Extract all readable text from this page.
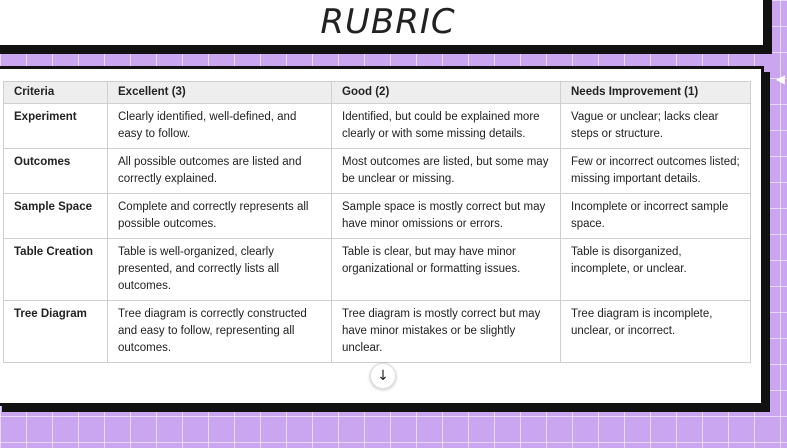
RUBRIC
Criteria	Excellent (3)	Good (2)	Needs Improvement (1)
Experiment	Clearly identified, well-defined, and easy to follow.	Identified, but could be explained more clearly or with some missing details.	Vague or unclear; lacks clear steps or structure.
Outcomes	All possible outcomes are listed and correctly explained.	Most outcomes are listed, but some may be unclear or missing.	Few or incorrect outcomes listed; missing important details.
Sample Space	Complete and correctly represents all possible outcomes.	Sample space is mostly correct but may have minor omissions or errors.	Incomplete or incorrect sample space.
Table Creation	Table is well-organized, clearly presented, and correctly lists all outcomes.	Table is clear, but may have minor organizational or formatting issues.	Table is disorganized, incomplete, or unclear.
Tree Diagram	Tree diagram is correctly constructed and easy to follow, representing all outcomes.	Tree diagram is mostly correct but may have minor mistakes or be slightly unclear.	Tree diagram is incomplete, unclear, or incorrect.
↓
◀
